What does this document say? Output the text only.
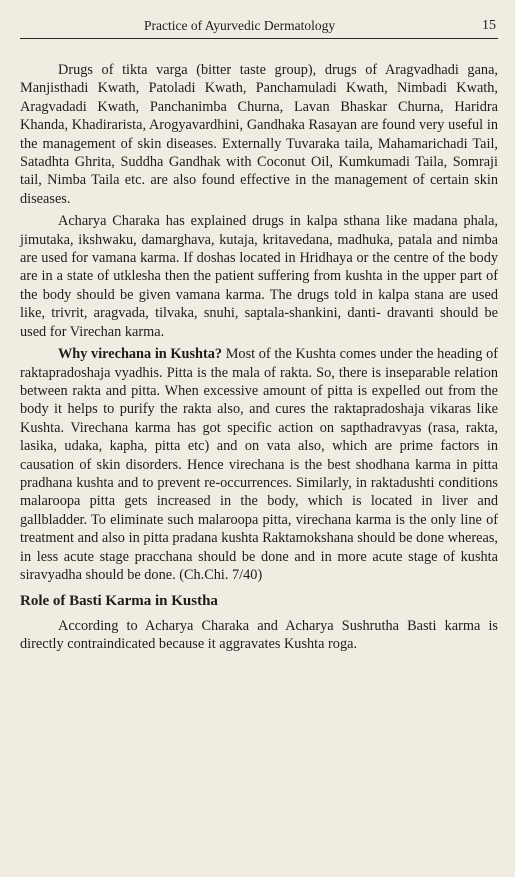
Practice of Ayurvedic Dermatology	15

Drugs of tikta varga (bitter taste group), drugs of Aragvadhadi gana, Manjisthadi Kwath, Patoladi Kwath, Panchamuladi Kwath, Nimbadi Kwath, Aragvadadi Kwath, Panchanimba Churna, Lavan Bhaskar Churna, Haridra Khanda, Khadirarista, Arogyavardhini, Gandhaka Rasayan are found very useful in the management of skin diseases. Externally Tuvaraka taila, Mahamarichadi Tail, Satadhta Ghrita, Suddha Gandhak with Coconut Oil, Kumkumadi Taila, Somraji tail, Nimba Taila etc. are also found effective in the management of certain skin diseases.

Acharya Charaka has explained drugs in kalpa sthana like madana phala, jimutaka, ikshwaku, damarghava, kutaja, kritavedana, madhuka, patala and nimba are used for vamana karma. If doshas located in Hridhaya or the centre of the body are in a state of utklesha then the patient suffering from kushta in the upper part of the body should be given vamana karma. The drugs told in kalpa stana are used like, trivrit, aragvada, tilvaka, snuhi, saptala-shankini, danti- dravanti should be used for Virechan karma.

Why virechana in Kushta? Most of the Kushta comes under the heading of raktapradoshaja vyadhis. Pitta is the mala of rakta. So, there is inseparable relation between rakta and pitta. When excessive amount of pitta is expelled out from the body it helps to purify the rakta also, and cures the raktapradoshaja vikaras like Kushta. Virechana karma has got specific action on sapthadravyas (rasa, rakta, lasika, udaka, kapha, pitta etc) and on vata also, which are prime factors in causation of skin disorders. Hence virechana is the best shodhana karma in pitta pradhana kushta and to prevent re-occurrences. Similarly, in raktadushti conditions malaroopa pitta gets increased in the body, which is located in liver and gallbladder. To eliminate such malaroopa pitta, virechana karma is the only line of treatment and also in pitta pradana kushta Raktamokshana should be done whereas, in less acute stage pracchana should be done and in more acute stage of kushta siravyadha should be done. (Ch.Chi. 7/40)

Role of Basti Karma in Kustha

According to Acharya Charaka and Acharya Sushrutha Basti karma is directly contraindicated because it aggravates Kushta roga.
